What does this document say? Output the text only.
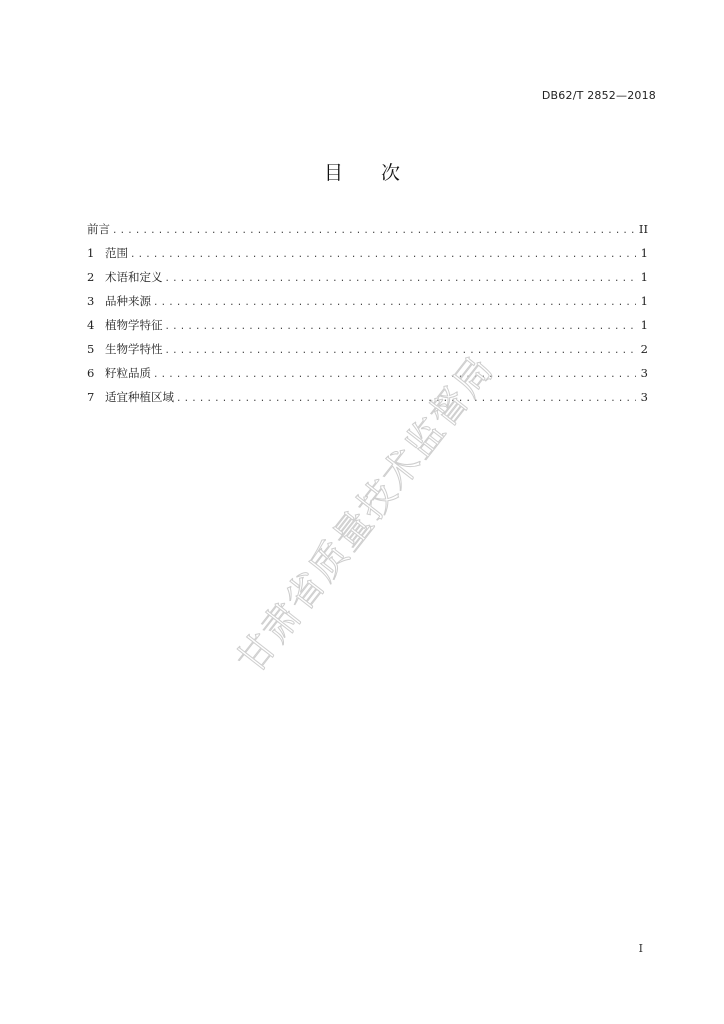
DB62/T 2852—2018
目 次
前言 .....	II
1 范围 .....	1
2 术语和定义 .....	1
3 品种来源 .....	1
4 植物学特征 .....	1
5 生物学特性 .....	2
6 籽粒品质 .....	3
7 适宜种植区域 .....	3
甘肃省质量技术监督局
I
